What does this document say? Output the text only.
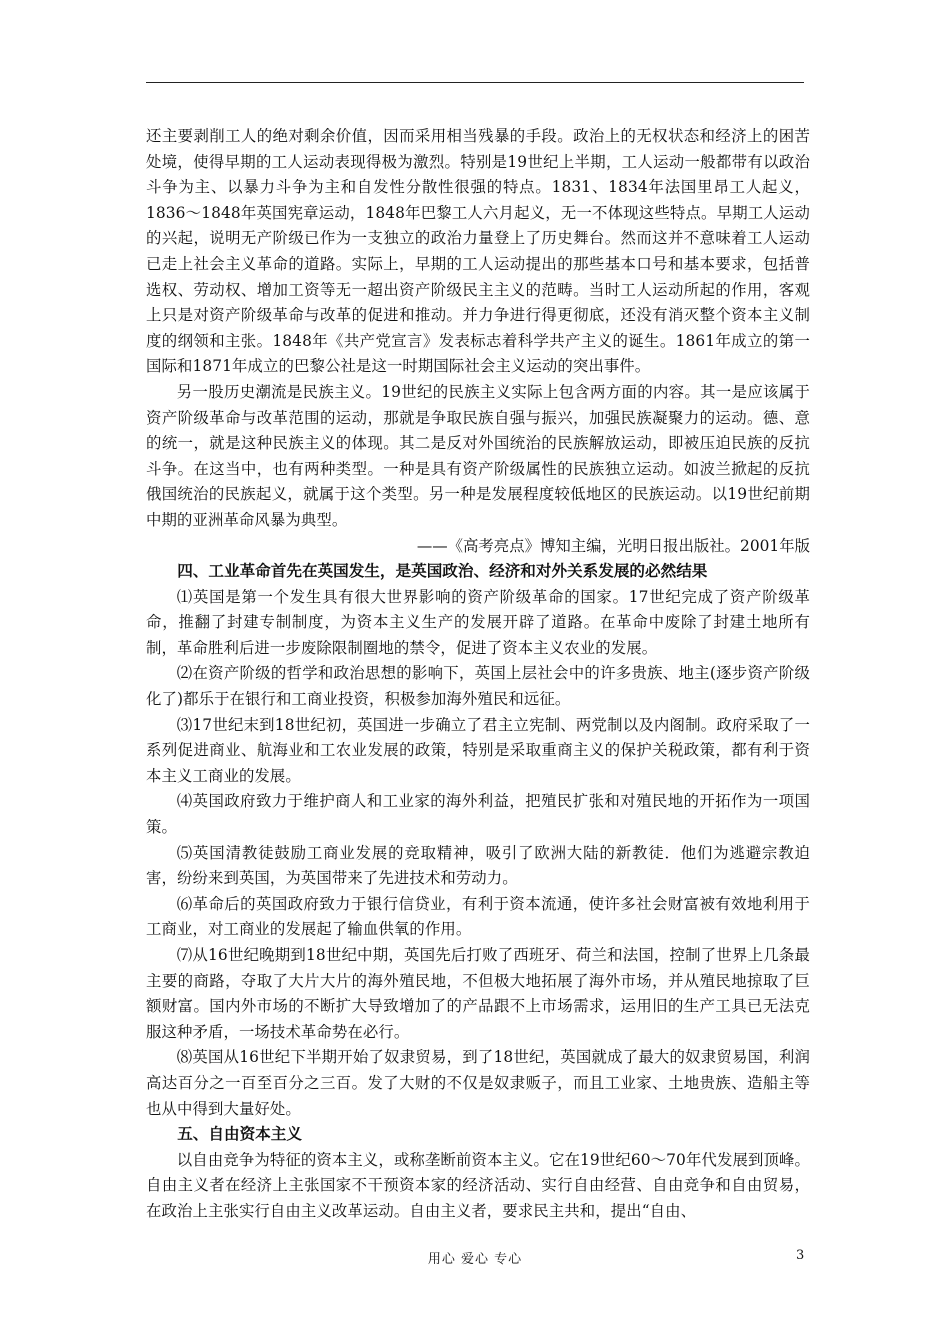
还主要剥削工人的绝对剩余价值，因而采用相当残暴的手段。政治上的无权状态和经济上的困苦处境，使得早期的工人运动表现得极为激烈。特别是19世纪上半期，工人运动一般都带有以政治斗争为主、以暴力斗争为主和自发性分散性很强的特点。1831、1834年法国里昂工人起义，1836～1848年英国宪章运动，1848年巴黎工人六月起义，无一不体现这些特点。早期工人运动的兴起，说明无产阶级已作为一支独立的政治力量登上了历史舞台。然而这并不意味着工人运动已走上社会主义革命的道路。实际上，早期的工人运动提出的那些基本口号和基本要求，包括普选权、劳动权、增加工资等无一超出资产阶级民主主义的范畴。当时工人运动所起的作用，客观上只是对资产阶级革命与改革的促进和推动。并力争进行得更彻底，还没有消灭整个资本主义制度的纲领和主张。1848年《共产党宣言》发表标志着科学共产主义的诞生。1861年成立的第一国际和1871年成立的巴黎公社是这一时期国际社会主义运动的突出事件。

另一股历史潮流是民族主义。19世纪的民族主义实际上包含两方面的内容。其一是应该属于资产阶级革命与改革范围的运动，那就是争取民族自强与振兴，加强民族凝聚力的运动。德、意的统一，就是这种民族主义的体现。其二是反对外国统治的民族解放运动，即被压迫民族的反抗斗争。在这当中，也有两种类型。一种是具有资产阶级属性的民族独立运动。如波兰掀起的反抗俄国统治的民族起义，就属于这个类型。另一种是发展程度较低地区的民族运动。以19世纪前期中期的亚洲革命风暴为典型。

——《高考亮点》博知主编，光明日报出版社。2001年版

四、工业革命首先在英国发生，是英国政治、经济和对外关系发展的必然结果

⑴英国是第一个发生具有很大世界影响的资产阶级革命的国家。17世纪完成了资产阶级革命，推翻了封建专制制度，为资本主义生产的发展开辟了道路。在革命中废除了封建土地所有制，革命胜利后进一步废除限制圈地的禁令，促进了资本主义农业的发展。

⑵在资产阶级的哲学和政治思想的影响下，英国上层社会中的许多贵族、地主(逐步资产阶级化了)都乐于在银行和工商业投资，积极参加海外殖民和远征。

⑶17世纪末到18世纪初，英国进一步确立了君主立宪制、两党制以及内阁制。政府采取了一系列促进商业、航海业和工农业发展的政策，特别是采取重商主义的保护关税政策，都有利于资本主义工商业的发展。

⑷英国政府致力于维护商人和工业家的海外利益，把殖民扩张和对殖民地的开拓作为一项国策。

⑸英国清教徒鼓励工商业发展的竞取精神，吸引了欧洲大陆的新教徒．他们为逃避宗教迫害，纷纷来到英国，为英国带来了先进技术和劳动力。

⑹革命后的英国政府致力于银行信贷业，有利于资本流通，使许多社会财富被有效地利用于工商业，对工商业的发展起了输血供氧的作用。

⑺从16世纪晚期到18世纪中期，英国先后打败了西班牙、荷兰和法国，控制了世界上几条最主要的商路，夺取了大片大片的海外殖民地，不但极大地拓展了海外市场，并从殖民地掠取了巨额财富。国内外市场的不断扩大导致增加了的产品跟不上市场需求，运用旧的生产工具已无法克服这种矛盾，一场技术革命势在必行。

⑻英国从16世纪下半期开始了奴隶贸易，到了18世纪，英国就成了最大的奴隶贸易国，利润高达百分之一百至百分之三百。发了大财的不仅是奴隶贩子，而且工业家、土地贵族、造船主等也从中得到大量好处。

五、自由资本主义

以自由竞争为特征的资本主义，或称垄断前资本主义。它在19世纪60～70年代发展到顶峰。自由主义者在经济上主张国家不干预资本家的经济活动、实行自由经营、自由竞争和自由贸易，在政治上主张实行自由主义改革运动。自由主义者，要求民主共和，提出“自由、

用心 爱心 专心	3
